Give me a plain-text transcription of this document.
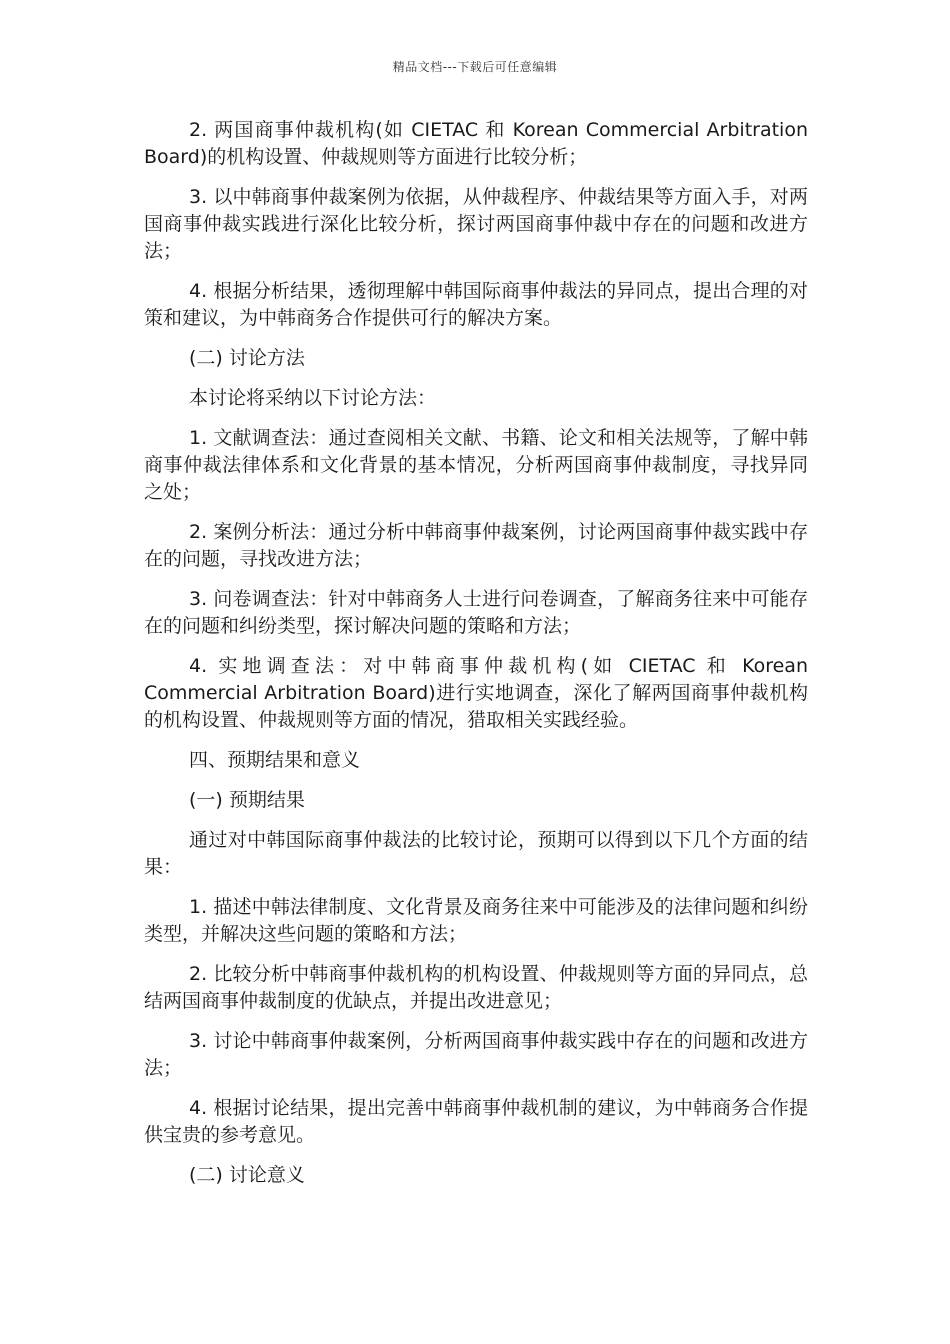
精品文档---下载后可任意编辑

2. 两国商事仲裁机构(如 CIETAC 和 Korean Commercial Arbitration Board)的机构设置、仲裁规则等方面进行比较分析；

3. 以中韩商事仲裁案例为依据，从仲裁程序、仲裁结果等方面入手，对两国商事仲裁实践进行深化比较分析，探讨两国商事仲裁中存在的问题和改进方法；

4. 根据分析结果，透彻理解中韩国际商事仲裁法的异同点，提出合理的对策和建议，为中韩商务合作提供可行的解决方案。

(二) 讨论方法

本讨论将采纳以下讨论方法：

1. 文献调查法：通过查阅相关文献、书籍、论文和相关法规等，了解中韩商事仲裁法律体系和文化背景的基本情况，分析两国商事仲裁制度，寻找异同之处；

2. 案例分析法：通过分析中韩商事仲裁案例，讨论两国商事仲裁实践中存在的问题，寻找改进方法；

3. 问卷调查法：针对中韩商务人士进行问卷调查，了解商务往来中可能存在的问题和纠纷类型，探讨解决问题的策略和方法；

4. 实地调查法：对中韩商事仲裁机构(如 CIETAC 和 Korean Commercial Arbitration Board)进行实地调查，深化了解两国商事仲裁机构的机构设置、仲裁规则等方面的情况，猎取相关实践经验。

四、预期结果和意义

(一) 预期结果

通过对中韩国际商事仲裁法的比较讨论，预期可以得到以下几个方面的结果：

1. 描述中韩法律制度、文化背景及商务往来中可能涉及的法律问题和纠纷类型，并解决这些问题的策略和方法；

2. 比较分析中韩商事仲裁机构的机构设置、仲裁规则等方面的异同点，总结两国商事仲裁制度的优缺点，并提出改进意见；

3. 讨论中韩商事仲裁案例，分析两国商事仲裁实践中存在的问题和改进方法；

4. 根据讨论结果，提出完善中韩商事仲裁机制的建议，为中韩商务合作提供宝贵的参考意见。

(二) 讨论意义
